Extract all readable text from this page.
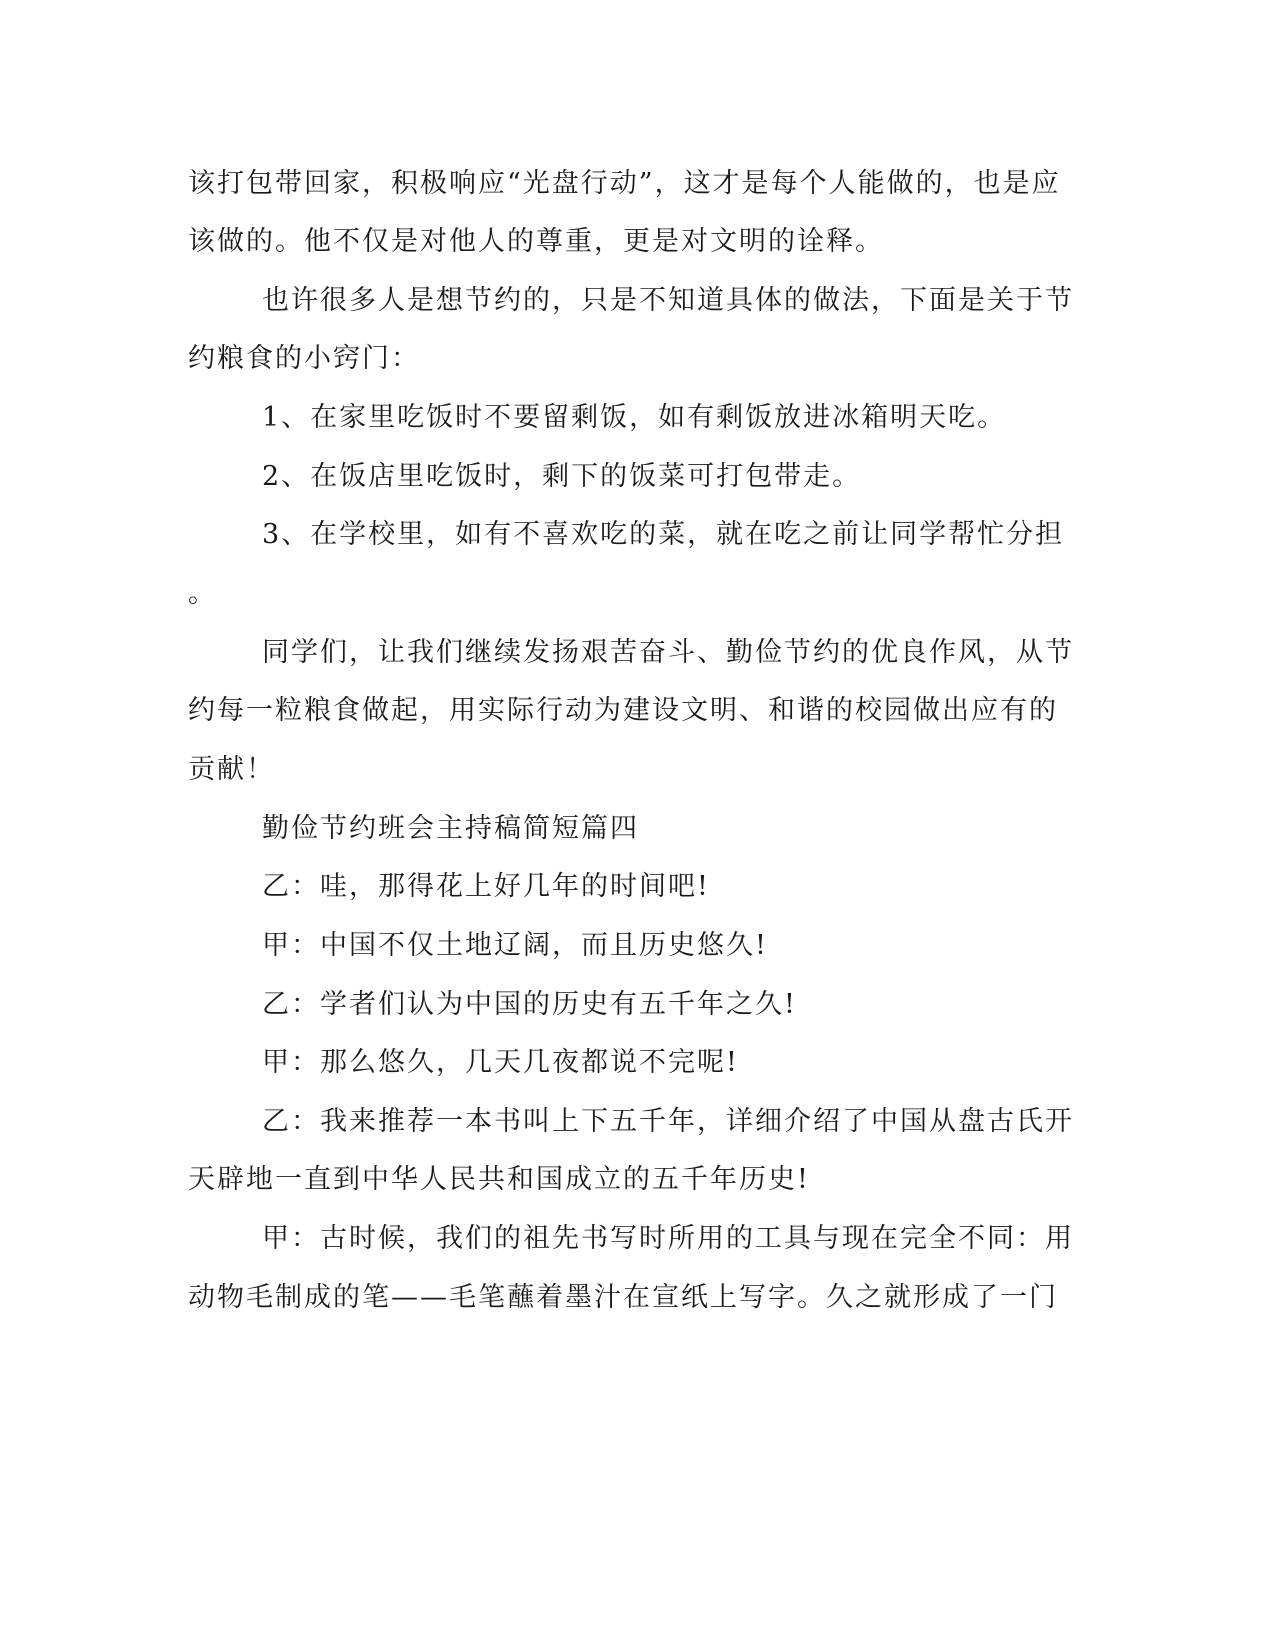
该打包带回家，积极响应“光盘行动”，这才是每个人能做的，也是应
该做的。他不仅是对他人的尊重，更是对文明的诠释。
也许很多人是想节约的，只是不知道具体的做法，下面是关于节
约粮食的小窍门：
1、在家里吃饭时不要留剩饭，如有剩饭放进冰箱明天吃。
2、在饭店里吃饭时，剩下的饭菜可打包带走。
3、在学校里，如有不喜欢吃的菜，就在吃之前让同学帮忙分担
。
同学们，让我们继续发扬艰苦奋斗、勤俭节约的优良作风，从节
约每一粒粮食做起，用实际行动为建设文明、和谐的校园做出应有的
贡献！
勤俭节约班会主持稿简短篇四
乙：哇，那得花上好几年的时间吧!
甲：中国不仅土地辽阔，而且历史悠久!
乙：学者们认为中国的历史有五千年之久!
甲：那么悠久，几天几夜都说不完呢!
乙：我来推荐一本书叫上下五千年，详细介绍了中国从盘古氏开
天辟地一直到中华人民共和国成立的五千年历史!
甲：古时候，我们的祖先书写时所用的工具与现在完全不同：用
动物毛制成的笔——毛笔蘸着墨汁在宣纸上写字。久之就形成了一门
